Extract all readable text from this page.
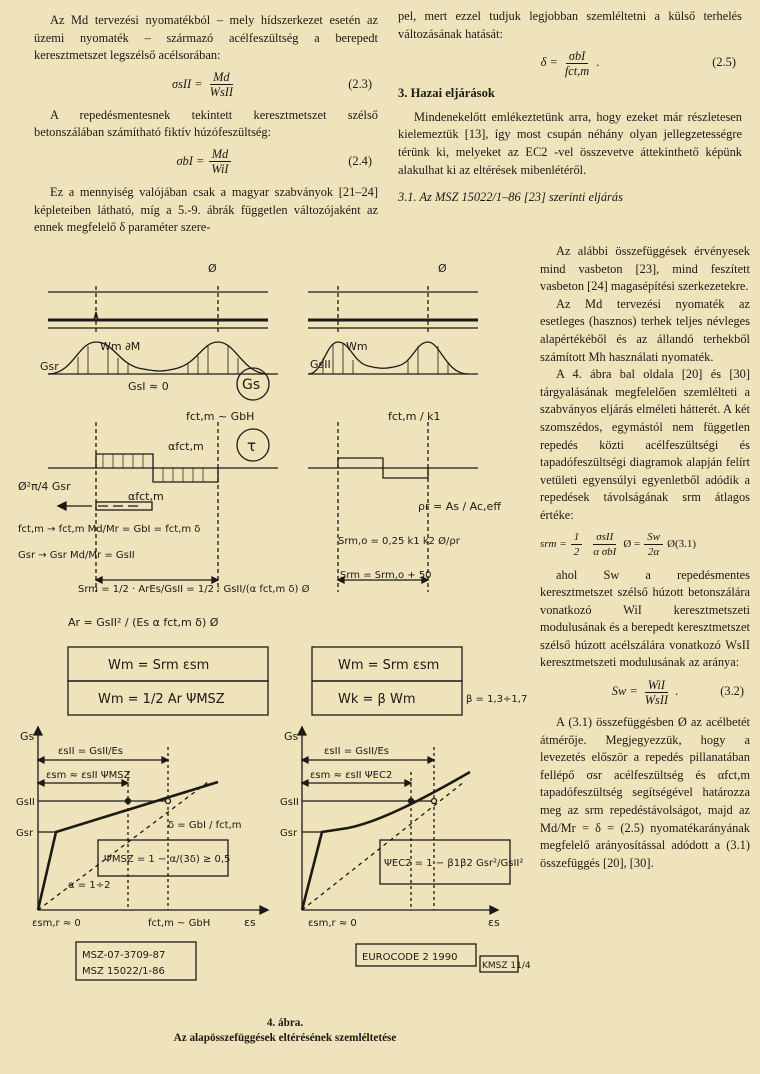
Az Md tervezési nyomatékból – mely hídszerkezet esetén az üzemi nyomaték – származó acélfeszültség a berepedt keresztmetszet legszélső acélsorában:

$\sigma sII = \frac{Md}{\text{WsII}}$	(2.3)

A repedésmentesnek tekintett keresztmetszet szélső betonszálában számítható fiktív húzófeszültség:

$\sigma bI = \frac{Md}{\text{WiI}}$	(2.4)

Ez a mennyiség valójában csak a magyar szabványok [21–24] képleteiben látható, míg a 5.-9. ábrák független változójaként az ennek megfelelő δ paraméter szere-

pel, mert ezzel tudjuk legjobban szemléltetni a külső terhelés változásának hatását:

$\delta = \frac{\text{σbI}}{\text{fct,m}}$ .	(2.5)
3. Hazai eljárások

Mindenekelőtt emlékeztetünk arra, hogy ezeket már részletesen kielemeztük [13], így most csupán néhány olyan jellegzetességre térünk ki, melyeket az EC2 -vel összevetve áttekinthető képünk alakulhat ki az eltérések mibenlétéről.

3.1. Az MSZ 15022/1–86 [23] szerinti eljárás

Az alábbi összefüggések érvényesek mind vasbeton [23], mind feszített vasbeton [24] magasépítési szerkezetekre.

Az Md tervezési nyomaték az esetleges (hasznos) terhek teljes névleges alapértékéből és az állandó terhekből számított Mh használati nyomaték.

A 4. ábra bal oldala [20] és [30] tárgyalásának megfelelően szemlélteti a szabványos eljárás elméleti hátterét. A két szomszédos, egymástól nem független repedés közti acélfeszültségi és tapadófeszültségi diagramok alapján felírt vetületi egyensúlyi egyenletből adódik a repedések távolságának srm átlagos értéke:

srm = $\frac{1}{2} \frac{\text{σsII}}{\text{α σbI}}$ Ø = $\frac{Sw}{2\alpha}$ Ø (3.1)

ahol Sw a repedésmentes keresztmetszet szélső húzott betonszálára vonatkozó WiI keresztmetszeti modulusának és a berepedt keresztmetszet szélső húzott acélszálára vonatkozó WsII keresztmetszeti modulusának az aránya:

$Sw = \frac{\text{WiI}}{\text{WsII}}$ .	(3.2)

A (3.1) összefüggésben Ø az acélbetét átmérője. Megjegyezzük, hogy a levezetés először a repedés pillanatában fellépő σsr acélfeszültség és αfct,m tapadófeszültség segítségével határozza meg az srm repedéstávolságot, majd az Md/Mr = δ = (2.5) nyomatékarányának megfelelő arányosítással adódott a (3.1) összefüggés [20], [30].

Wm ∂M
Gsr
GsI ≈ 0	Gs
τ
fct,m ~ GbH
αfct,m
αfct,m
Ø²π/4 Gsr
fct,m → fct,m Md/Mr = GbI = fct,m δ
Gsr → Gsr Md/Mr = GsII
Srm = 1/2 · ArEs/GsII = 1/2 · GsII/(α fct,m δ) Ø
Ar = GsII² / (Es α fct,m δ) Ø
Wm
GsII
fct,m / k1
ρr = As / Ac,eff
Srm,o = 0,25 k1 k2 Ø/ρr
Srm = Srm,o + 50
Wm = Srm εsm
Wm = 1/2 Ar ΨMSZ
Wm = Srm εsm
Wk = β Wm	β = 1,3÷1,7
Gs
εsII = GsII/Es
εsm ≈ εsII ΨMSZ
GsII
Gsr
δ = GbI / fct,m
ΨMSZ = 1 − α/(3δ) ≥ 0,5
α = 1÷2
εsm,r ≈ 0	fct,m ~ GbH	εs
MSZ-07-3709-87
MSZ 15022/1-86
Gs
εsII = GsII/Es
εsm ≈ εsII ΨEC2
GsII
Gsr
ΨEC2 = 1 − β1β2 Gsr²/GsII²
εsm,r ≈ 0	εs
EUROCODE 2 1990
KMSZ 11/4
Ø	Ø
4. ábra.
Az alapösszefüggések eltérésének szemléltetése
